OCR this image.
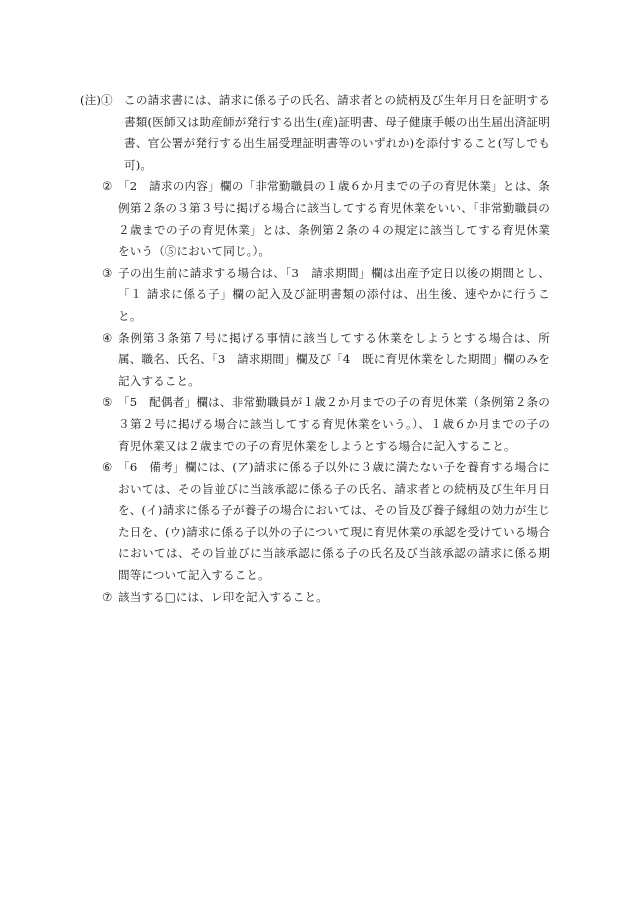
(注)① この請求書には、請求に係る子の氏名、請求者との続柄及び生年月日を証明する書類(医師又は助産師が発行する出生(産)証明書、母子健康手帳の出生届出済証明書、官公署が発行する出生届受理証明書等のいずれか)を添付すること(写しでも可)。
② 「2　請求の内容」欄の「非常勤職員の１歳６か月までの子の育児休業」とは、条例第２条の３第３号に掲げる場合に該当してする育児休業をいい、「非常勤職員の２歳までの子の育児休業」とは、条例第２条の４の規定に該当してする育児休業をいう（⑤において同じ。）。
③ 子の出生前に請求する場合は、「3　請求期間」欄は出産予定日以後の期間とし、「１ 請求に係る子」欄の記入及び証明書類の添付は、出生後、速やかに行うこと。
④ 条例第３条第７号に掲げる事情に該当してする休業をしようとする場合は、所属、職名、氏名、「3　請求期間」欄及び「4　既に育児休業をした期間」欄のみを記入すること。
⑤ 「5　配偶者」欄は、非常勤職員が１歳２か月までの子の育児休業（条例第２条の３第２号に掲げる場合に該当してする育児休業をいう。）、１歳６か月までの子の育児休業又は２歳までの子の育児休業をしようとする場合に記入すること。
⑥ 「6　備考」欄には、(ア)請求に係る子以外に３歳に満たない子を養育する場合においては、その旨並びに当該承認に係る子の氏名、請求者との続柄及び生年月日を、(イ)請求に係る子が養子の場合においては、その旨及び養子縁組の効力が生じた日を、(ウ)請求に係る子以外の子について現に育児休業の承認を受けている場合においては、その旨並びに当該承認に係る子の氏名及び当該承認の請求に係る期間等について記入すること。
⑦ 該当する□には、レ印を記入すること。
